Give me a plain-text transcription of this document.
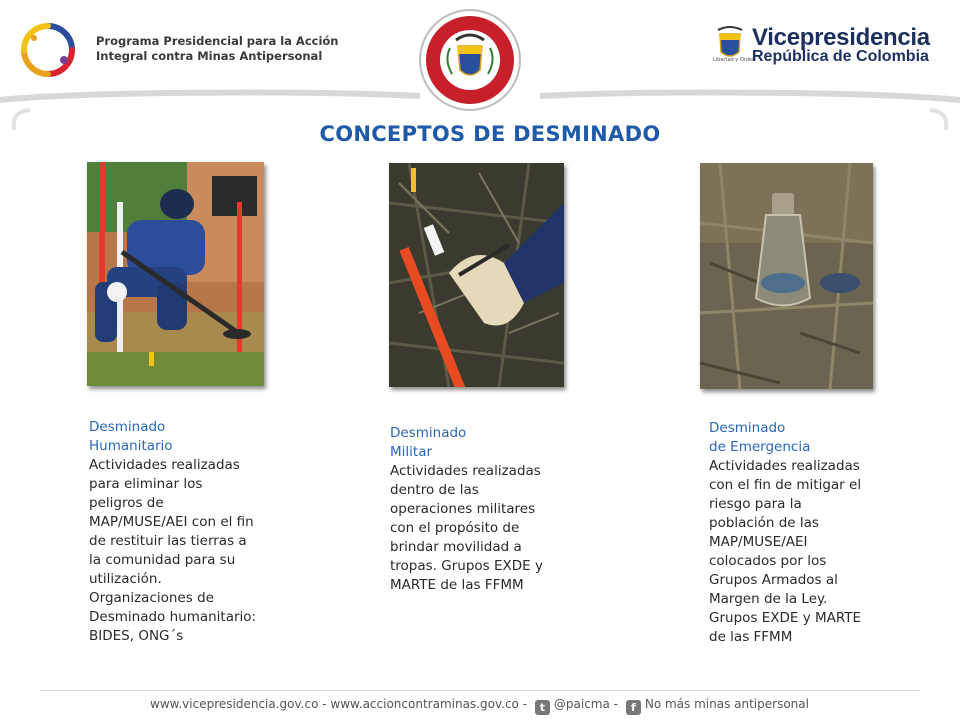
Programa Presidencial para la Acción
Integral contra Minas Antipersonal	Libertad y Orden
Vicepresidencia
República de Colombia
CONCEPTOS DE DESMINADO
Desminado
Humanitario
Actividades realizadas para eliminar los peligros de MAP/MUSE/AEI con el fin de restituir las tierras a la comunidad para su utilización. Organizaciones de Desminado humanitario: BIDES, ONG´s
Desminado
Militar
Actividades realizadas dentro de las operaciones militares con el propósito de brindar movilidad a tropas. Grupos EXDE y MARTE de las FFMM
Desminado
de Emergencia
Actividades realizadas con el fin de mitigar el riesgo para la población de las MAP/MUSE/AEI colocados por los Grupos Armados al Margen de la Ley. Grupos EXDE y MARTE de las FFMM
www.vicepresidencia.gov.co - www.accioncontraminas.gov.co - t @paicma - f No más minas antipersonal
